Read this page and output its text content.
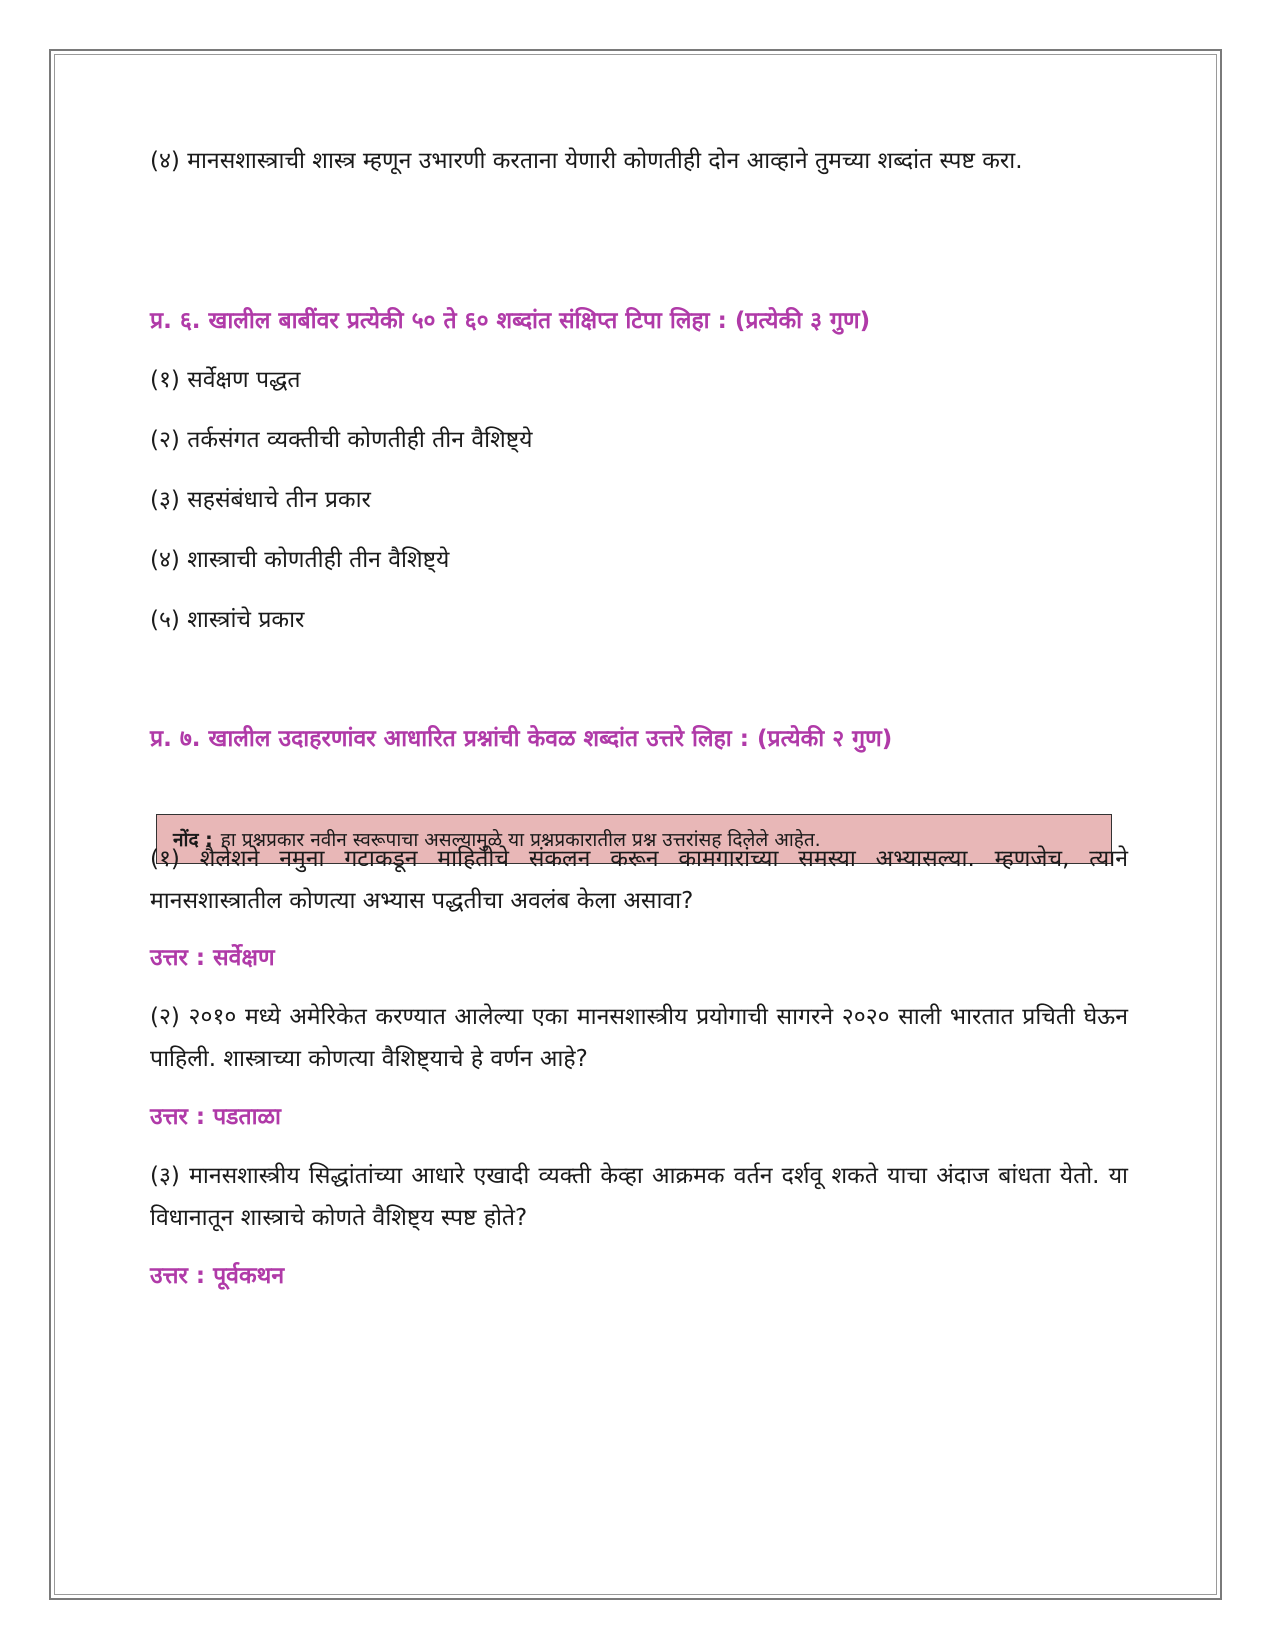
(४) मानसशास्त्राची शास्त्र म्हणून उभारणी करताना येणारी कोणतीही दोन आव्हाने तुमच्या शब्दांत स्पष्ट करा.

प्र. ६. खालील बाबींवर प्रत्येकी ५० ते ६० शब्दांत संक्षिप्त टिपा लिहा : (प्रत्येकी ३ गुण)

(१) सर्वेक्षण पद्धत

(२) तर्कसंगत व्यक्तीची कोणतीही तीन वैशिष्ट्ये

(३) सहसंबंधाचे तीन प्रकार

(४) शास्त्राची कोणतीही तीन वैशिष्ट्ये

(५) शास्त्रांचे प्रकार

प्र. ७. खालील उदाहरणांवर आधारित प्रश्नांची केवळ शब्दांत उत्तरे लिहा : (प्रत्येकी २ गुण)

नोंद : हा प्रश्नप्रकार नवीन स्वरूपाचा असल्यामुळे या प्रश्नप्रकारातील प्रश्न उत्तरांसह दिलेले आहेत.

(१) शैलेशने नमुना गटाकडून माहितीचे संकलन करून कामगारांच्या समस्या अभ्यासल्या. म्हणजेच, त्याने मानसशास्त्रातील कोणत्या अभ्यास पद्धतीचा अवलंब केला असावा?

उत्तर : सर्वेक्षण

(२) २०१० मध्ये अमेरिकेत करण्यात आलेल्या एका मानसशास्त्रीय प्रयोगाची सागरने २०२० साली भारतात प्रचिती घेऊन पाहिली. शास्त्राच्या कोणत्या वैशिष्ट्याचे हे वर्णन आहे?

उत्तर : पडताळा

(३) मानसशास्त्रीय सिद्धांतांच्या आधारे एखादी व्यक्ती केव्हा आक्रमक वर्तन दर्शवू शकते याचा अंदाज बांधता येतो. या विधानातून शास्त्राचे कोणते वैशिष्ट्य स्पष्ट होते?

उत्तर : पूर्वकथन
